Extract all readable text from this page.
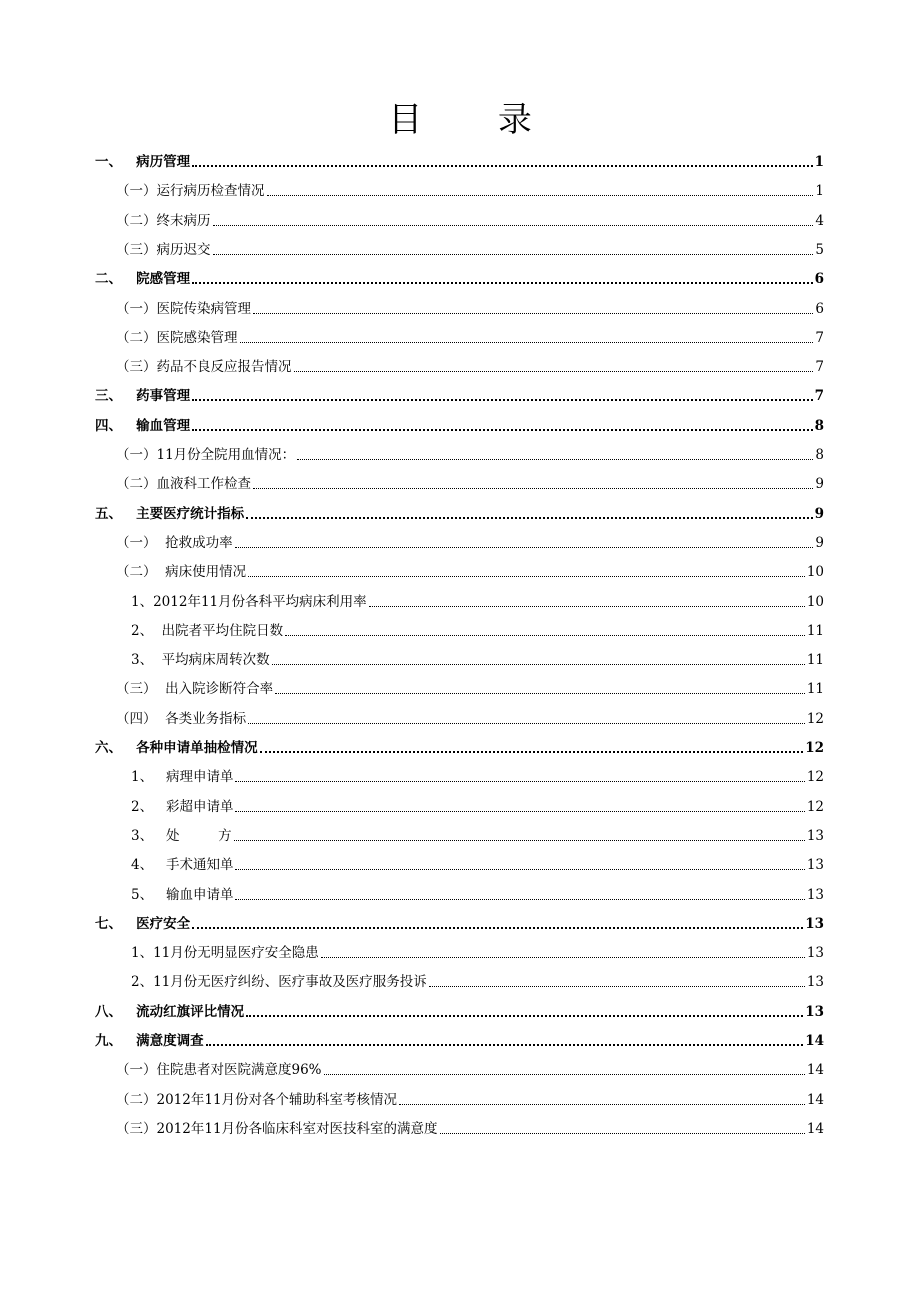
目 录
一、   病历管理	1
（一）运行病历检查情况	1
（二）终末病历	4
（三）病历迟交	5
二、   院感管理	6
（一）医院传染病管理	6
（二）医院感染管理	7
（三）药品不良反应报告情况	7
三、   药事管理	7
四、   输血管理	8
（一）11月份全院用血情况：	8
（二）血液科工作检查	9
五、   主要医疗统计指标	9
（一）  抢救成功率	9
（二）  病床使用情况	10
1、2012年11月份各科平均病床利用率	10
2、  出院者平均住院日数	11
3、  平均病床周转次数	11
（三）  出入院诊断符合率	11
（四）  各类业务指标	12
六、   各种申请单抽检情况	12
1、   病理申请单	12
2、   彩超申请单	12
3、   处         方	13
4、   手术通知单	13
5、   输血申请单	13
七、   医疗安全	13
1、11月份无明显医疗安全隐患	13
2、11月份无医疗纠纷、医疗事故及医疗服务投诉	13
八、   流动红旗评比情况	13
九、   满意度调查	14
（一）住院患者对医院满意度96%	14
（二）2012年11月份对各个辅助科室考核情况	14
（三）2012年11月份各临床科室对医技科室的满意度	14
